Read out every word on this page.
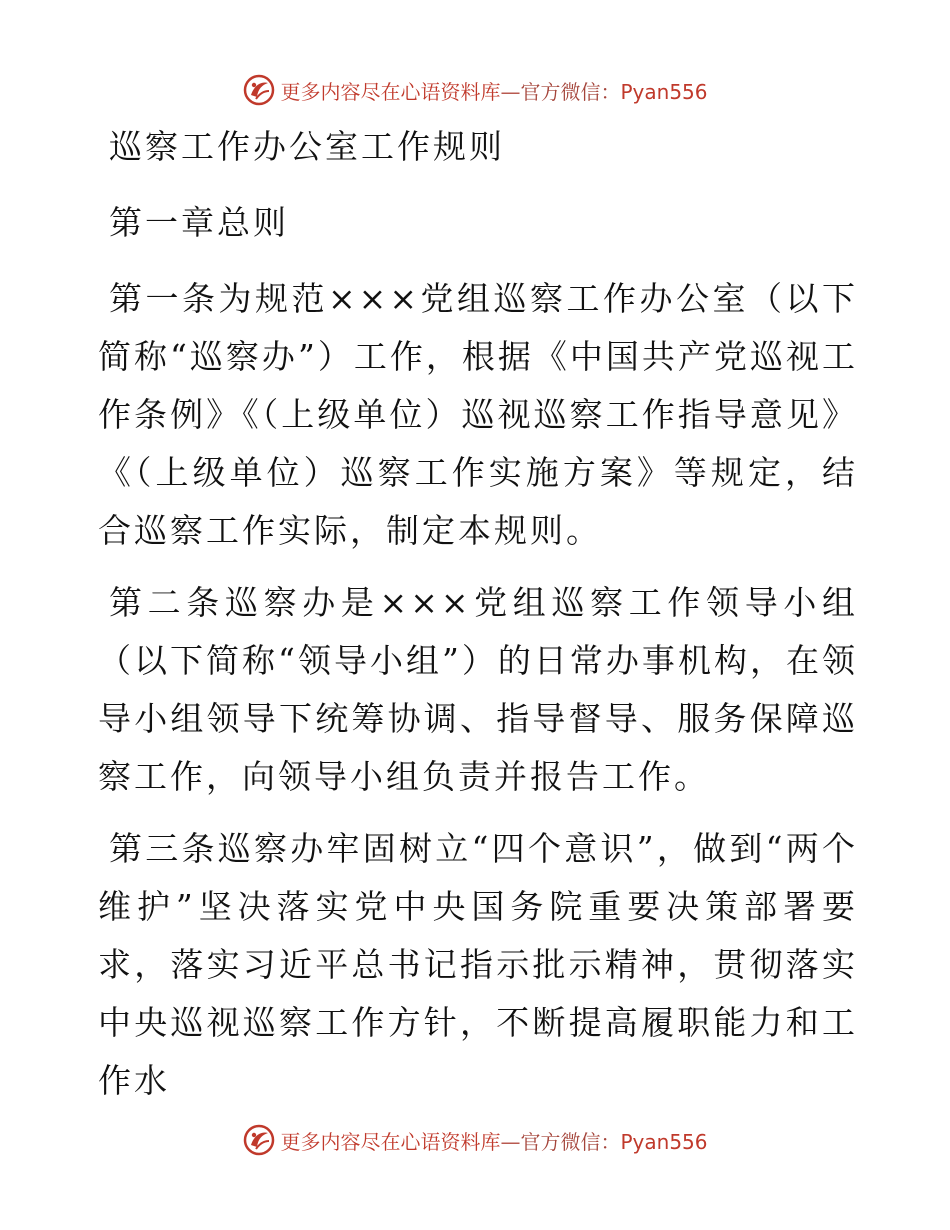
更多内容尽在心语资料库—官方微信：Pyan556
巡察工作办公室工作规则
第一章总则

第一条为规范×××党组巡察工作办公室（以下简称“巡察办”）工作，根据《中国共产党巡视工作条例》《（上级单位）巡视巡察工作指导意见》《（上级单位）巡察工作实施方案》等规定，结合巡察工作实际，制定本规则。

第二条巡察办是×××党组巡察工作领导小组（以下简称“领导小组”）的日常办事机构，在领导小组领导下统筹协调、指导督导、服务保障巡察工作，向领导小组负责并报告工作。

第三条巡察办牢固树立“四个意识”，做到“两个维护”坚决落实党中央国务院重要决策部署要求，落实习近平总书记指示批示精神，贯彻落实中央巡视巡察工作方针，不断提高履职能力和工作水

更多内容尽在心语资料库—官方微信：Pyan556
